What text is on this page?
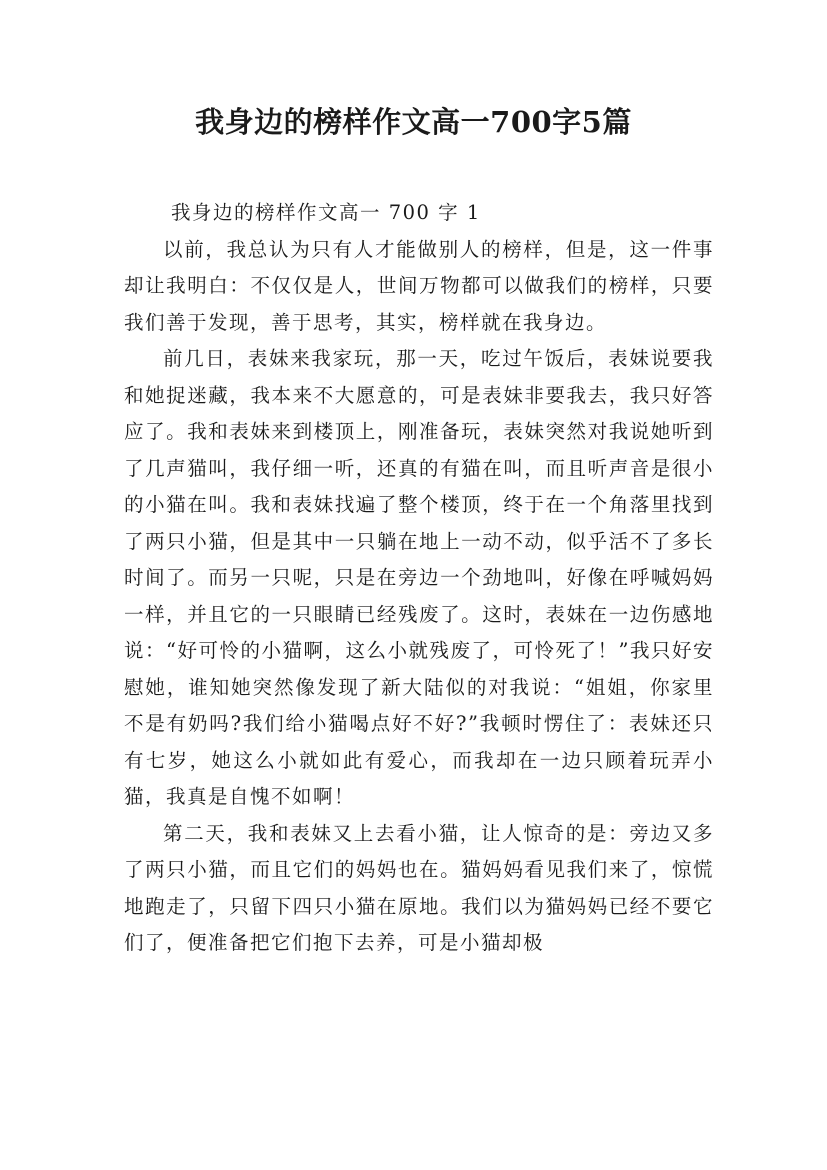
我身边的榜样作文高一700字5篇

我身边的榜样作文高一 700 字 1

以前，我总认为只有人才能做别人的榜样，但是，这一件事却让我明白：不仅仅是人，世间万物都可以做我们的榜样，只要我们善于发现，善于思考，其实，榜样就在我身边。

前几日，表妹来我家玩，那一天，吃过午饭后，表妹说要我和她捉迷藏，我本来不大愿意的，可是表妹非要我去，我只好答应了。我和表妹来到楼顶上，刚准备玩，表妹突然对我说她听到了几声猫叫，我仔细一听，还真的有猫在叫，而且听声音是很小的小猫在叫。我和表妹找遍了整个楼顶，终于在一个角落里找到了两只小猫，但是其中一只躺在地上一动不动，似乎活不了多长时间了。而另一只呢，只是在旁边一个劲地叫，好像在呼喊妈妈一样，并且它的一只眼睛已经残废了。这时，表妹在一边伤感地说：“好可怜的小猫啊，这么小就残废了，可怜死了！”我只好安慰她，谁知她突然像发现了新大陆似的对我说：“姐姐，你家里不是有奶吗?我们给小猫喝点好不好?”我顿时愣住了：表妹还只有七岁，她这么小就如此有爱心，而我却在一边只顾着玩弄小猫，我真是自愧不如啊！

第二天，我和表妹又上去看小猫，让人惊奇的是：旁边又多了两只小猫，而且它们的妈妈也在。猫妈妈看见我们来了，惊慌地跑走了，只留下四只小猫在原地。我们以为猫妈妈已经不要它们了，便准备把它们抱下去养，可是小猫却极
